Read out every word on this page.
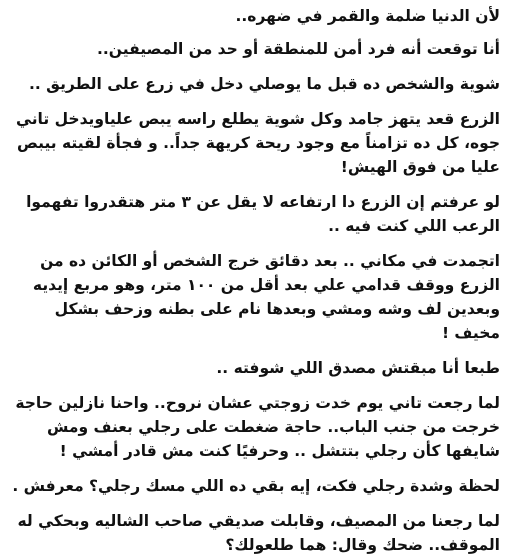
لأن الدنيا ضلمة والقمر في ضهره..

أنا توقعت أنه فرد أمن للمنطقة أو حد من المصيفين..

شوية والشخص ده قبل ما يوصلي دخل في زرع على الطريق ..

الزرع قعد يتهز جامد وكل شوية يطلع راسه يبص علياويدخل تاني جوه، كل ده تزامناً مع وجود ريحة كريهة جداً.. و فجأة لقيته بيبص عليا من فوق الهيش!

لو عرفتم إن الزرع دا ارتفاعه لا يقل عن ٣ متر هتقدروا تفهموا الرعب اللي كنت فيه ..

اتجمدت في مكاني .. بعد دقائق خرج الشخص أو الكائن ده من الزرع ووقف قدامي علي بعد أقل من ١٠٠ متر، وهو مربع إيديه وبعدين لف وشه ومشي وبعدها نام على بطنه وزحف بشكل مخيف !

طبعا أنا مبقتش مصدق اللي شوفته ..

لما رجعت تاني يوم خدت زوجتي عشان نروح.. واحنا نازلين حاجة خرجت من جنب الباب.. حاجة ضغطت على رجلي بعنف ومش شايفها كأن رجلي بتتشل .. وحرفيًا كنت مش قادر أمشي !

لحظة وشدة رجلي فكت، إيه بقي ده اللي مسك رجلي؟ معرفش .

لما رجعنا من المصيف، وقابلت صديقي صاحب الشاليه وبحكي له الموقف.. ضحك وقال: هما طلعولك؟
